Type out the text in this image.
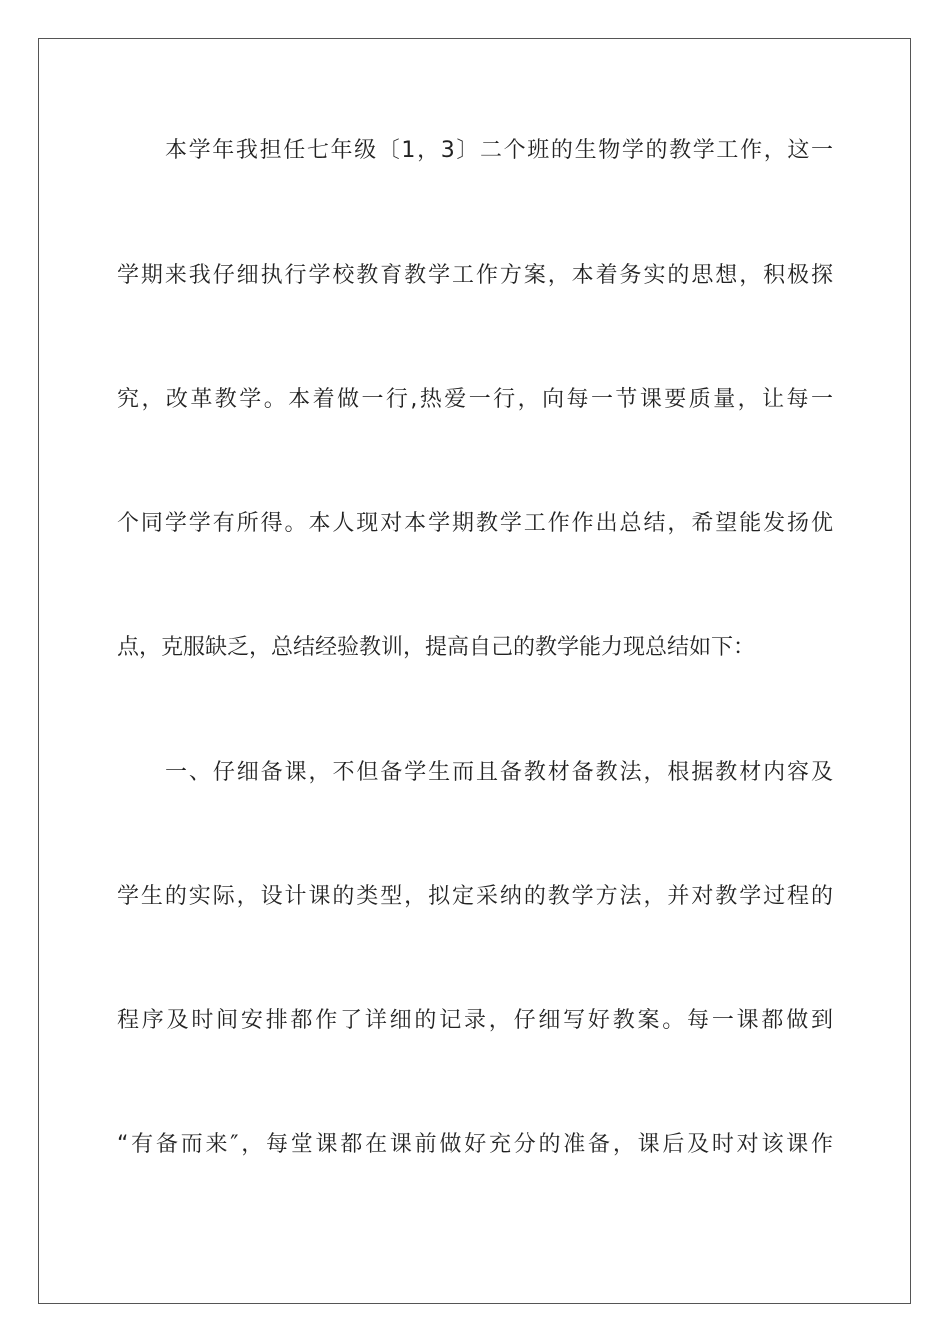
本学年我担任七年级〔1，3〕二个班的生物学的教学工作，这一
学期来我仔细执行学校教育教学工作方案，本着务实的思想，积极探
究，改革教学。本着做一行,热爱一行，向每一节课要质量，让每一
个同学学有所得。本人现对本学期教学工作作出总结，希望能发扬优
点，克服缺乏，总结经验教训，提高自己的教学能力现总结如下：
一、仔细备课，不但备学生而且备教材备教法，根据教材内容及
学生的实际，设计课的类型，拟定采纳的教学方法，并对教学过程的
程序及时间安排都作了详细的记录，仔细写好教案。每一课都做到
“有备而来″，每堂课都在课前做好充分的准备，课后及时对该课作
